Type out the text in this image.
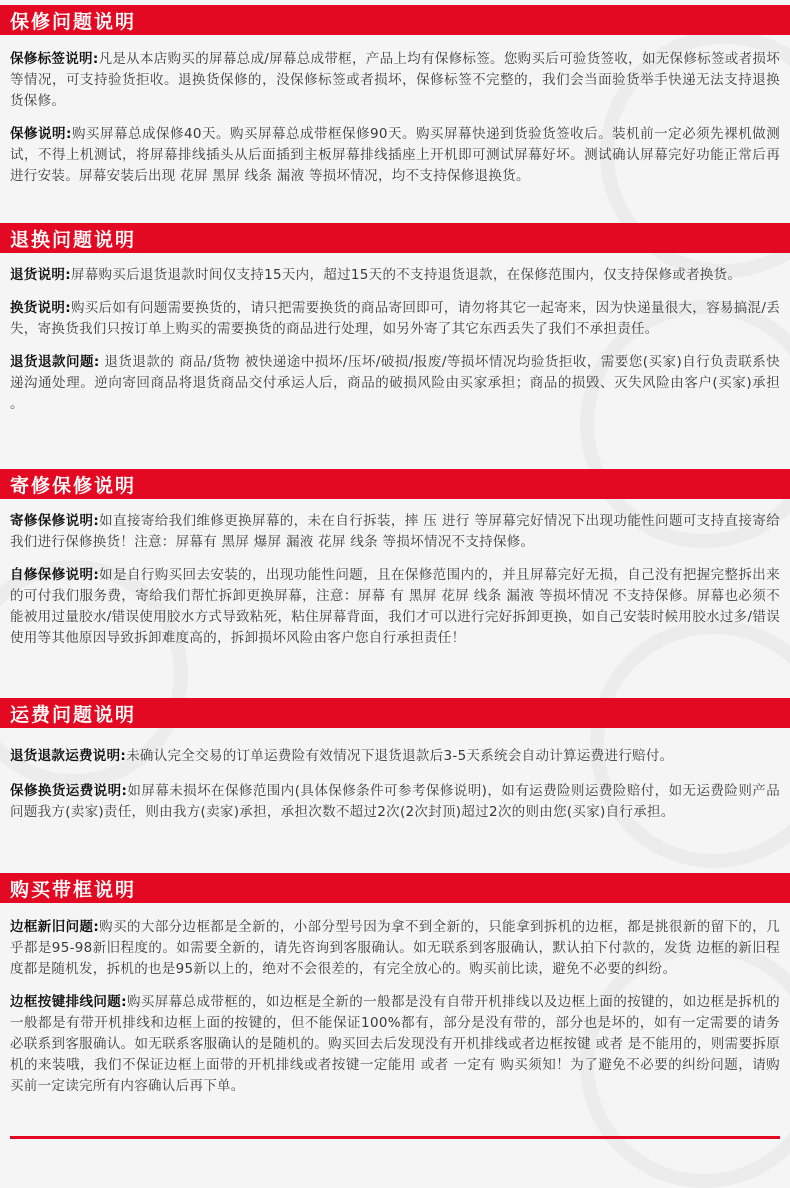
保修问题说明

保修标签说明:凡是从本店购买的屏幕总成/屏幕总成带框，产品上均有保修标签。您购买后可验货签收，如无保修标签或者损坏等情况，可支持验货拒收。退换货保修的，没保修标签或者损坏，保修标签不完整的，我们会当面验货举手快递无法支持退换货保修。

保修说明:购买屏幕总成保修40天。购买屏幕总成带框保修90天。购买屏幕快递到货验货签收后。装机前一定必须先裸机做测试，不得上机测试，将屏幕排线插头从后面插到主板屏幕排线插座上开机即可测试屏幕好坏。测试确认屏幕完好功能正常后再进行安装。屏幕安装后出现 花屏 黑屏 线条 漏液 等损坏情况，均不支持保修退换货。

退换问题说明

退货说明:屏幕购买后退货退款时间仅支持15天内，超过15天的不支持退货退款，在保修范围内，仅支持保修或者换货。

换货说明:购买后如有问题需要换货的，请只把需要换货的商品寄回即可，请勿将其它一起寄来，因为快递量很大，容易搞混/丢失，寄换货我们只按订单上购买的需要换货的商品进行处理，如另外寄了其它东西丢失了我们不承担责任。

退货退款问题: 退货退款的 商品/货物 被快递途中损坏/压坏/破损/报废/等损坏情况均验货拒收，需要您(买家)自行负责联系快递沟通处理。逆向寄回商品将退货商品交付承运人后，商品的破损风险由买家承担；商品的损毁、灭失风险由客户(买家)承担 。

寄修保修说明

寄修保修说明:如直接寄给我们维修更换屏幕的，未在自行拆装，摔 压 进行 等屏幕完好情况下出现功能性问题可支持直接寄给我们进行保修换货！注意：屏幕有 黑屏 爆屏 漏液 花屏 线条 等损坏情况不支持保修。

自修保修说明:如是自行购买回去安装的，出现功能性问题，且在保修范围内的，并且屏幕完好无损，自己没有把握完整拆出来的可付我们服务费，寄给我们帮忙拆卸更换屏幕，注意：屏幕 有 黑屏 花屏 线条 漏液 等损坏情况 不支持保修。屏幕也必须不能被用过量胶水/错误使用胶水方式导致粘死，粘住屏幕背面，我们才可以进行完好拆卸更换，如自己安装时候用胶水过多/错误使用等其他原因导致拆卸难度高的，拆卸损坏风险由客户您自行承担责任！

运费问题说明

退货退款运费说明:未确认完全交易的订单运费险有效情况下退货退款后3-5天系统会自动计算运费进行赔付。

保修换货运费说明:如屏幕未损坏在保修范围内(具体保修条件可参考保修说明)，如有运费险则运费险赔付，如无运费险则产品问题我方(卖家)责任，则由我方(卖家)承担，承担次数不超过2次(2次封顶)超过2次的则由您(买家)自行承担。

购买带框说明

边框新旧问题:购买的大部分边框都是全新的，小部分型号因为拿不到全新的，只能拿到拆机的边框，都是挑很新的留下的，几乎都是95-98新旧程度的。如需要全新的，请先咨询到客服确认。如无联系到客服确认，默认拍下付款的，发货 边框的新旧程度都是随机发，拆机的也是95新以上的，绝对不会很差的，有完全放心的。购买前比读，避免不必要的纠纷。

边框按键排线问题:购买屏幕总成带框的，如边框是全新的一般都是没有自带开机排线以及边框上面的按键的，如边框是拆机的一般都是有带开机排线和边框上面的按键的，但不能保证100%都有，部分是没有带的，部分也是坏的，如有一定需要的请务必联系到客服确认。如无联系客服确认的是随机的。购买回去后发现没有开机排线或者边框按键 或者 是不能用的，则需要拆原机的来装哦，我们不保证边框上面带的开机排线或者按键一定能用 或者 一定有 购买须知！为了避免不必要的纠纷问题，请购买前一定读完所有内容确认后再下单。
